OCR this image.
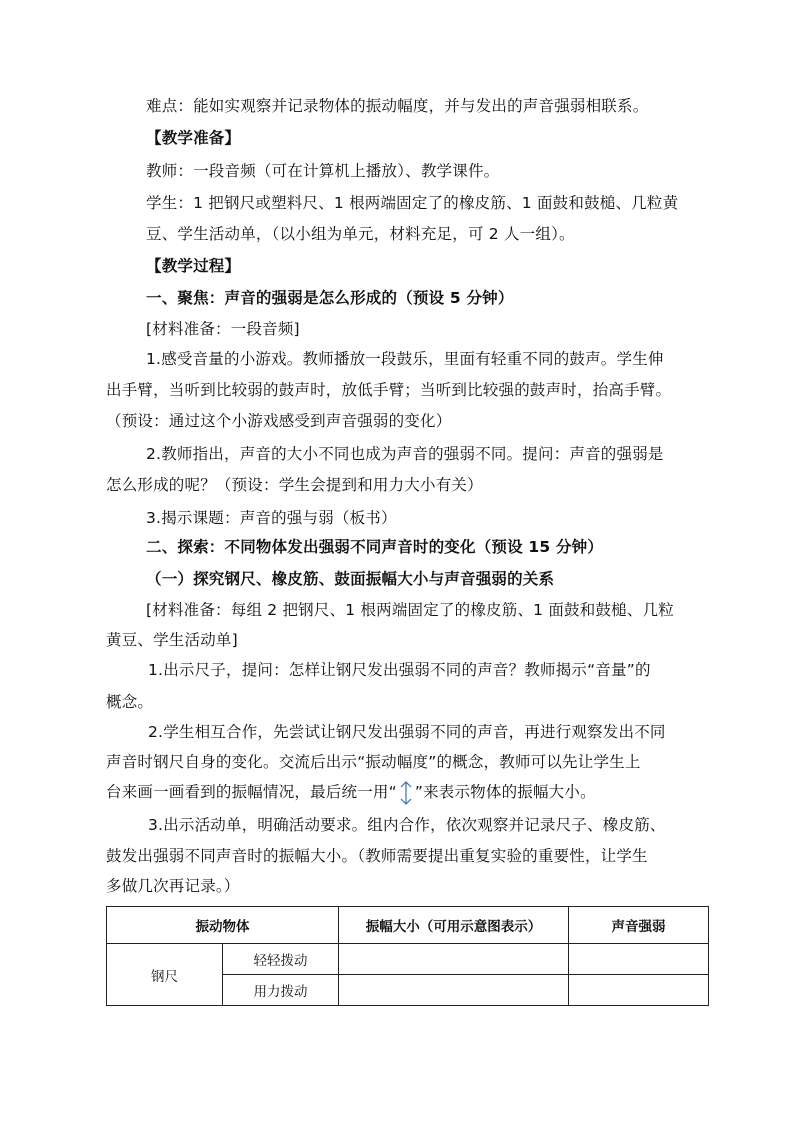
难点：能如实观察并记录物体的振动幅度，并与发出的声音强弱相联系。
【教学准备】
教师：一段音频（可在计算机上播放）、教学课件。
学生：1 把钢尺或塑料尺、1 根两端固定了的橡皮筋、1 面鼓和鼓槌、几粒黄
豆、学生活动单，（以小组为单元，材料充足，可 2 人一组）。
【教学过程】
一、聚焦：声音的强弱是怎么形成的（预设 5 分钟）
[材料准备：一段音频]
1.感受音量的小游戏。教师播放一段鼓乐，里面有轻重不同的鼓声。学生伸
出手臂，当听到比较弱的鼓声时，放低手臂；当听到比较强的鼓声时，抬高手臂。
（预设：通过这个小游戏感受到声音强弱的变化）
2.教师指出，声音的大小不同也成为声音的强弱不同。提问：声音的强弱是
怎么形成的呢？（预设：学生会提到和用力大小有关）
3.揭示课题：声音的强与弱（板书）
二、探索：不同物体发出强弱不同声音时的变化（预设 15 分钟）
（一）探究钢尺、橡皮筋、鼓面振幅大小与声音强弱的关系
[材料准备：每组 2 把钢尺、1 根两端固定了的橡皮筋、1 面鼓和鼓槌、几粒
黄豆、学生活动单]
1.出示尺子，提问：怎样让钢尺发出强弱不同的声音？教师揭示“音量”的
概念。
2.学生相互合作，先尝试让钢尺发出强弱不同的声音，再进行观察发出不同
声音时钢尺自身的变化。交流后出示“振动幅度”的概念，教师可以先让学生上
台来画一画看到的振幅情况，最后统一用“ ”来表示物体的振幅大小。
3.出示活动单，明确活动要求。组内合作，依次观察并记录尺子、橡皮筋、
鼓发出强弱不同声音时的振幅大小。（教师需要提出重复实验的重要性，让学生
多做几次再记录。）
振动物体		振幅大小（可用示意图表示）	声音强弱
钢尺	轻轻拨动		
	用力拨动		
